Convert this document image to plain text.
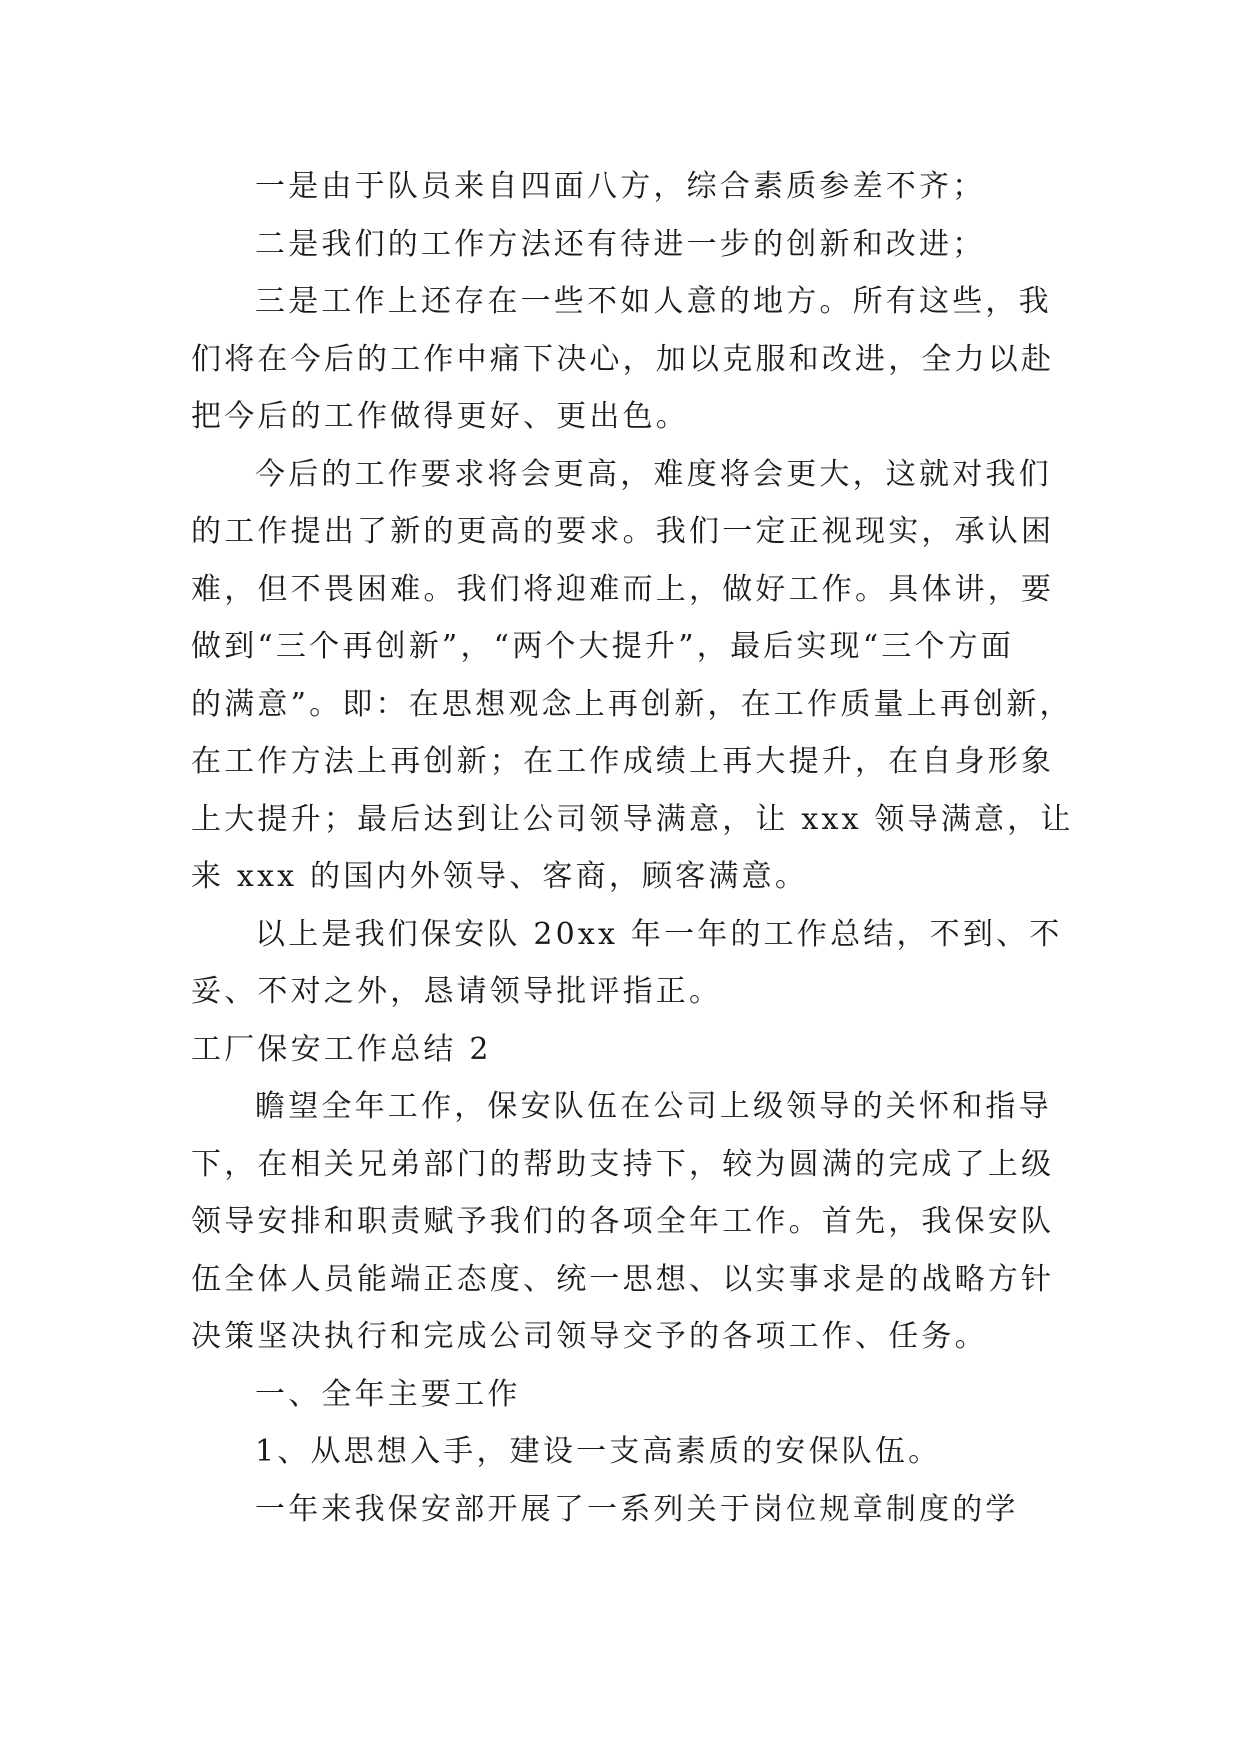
一是由于队员来自四面八方，综合素质参差不齐；
二是我们的工作方法还有待进一步的创新和改进；
三是工作上还存在一些不如人意的地方。所有这些，我
们将在今后的工作中痛下决心，加以克服和改进，全力以赴
把今后的工作做得更好、更出色。
今后的工作要求将会更高，难度将会更大，这就对我们
的工作提出了新的更高的要求。我们一定正视现实，承认困
难，但不畏困难。我们将迎难而上，做好工作。具体讲，要
做到“三个再创新”，“两个大提升”，最后实现“三个方面
的满意”。即：在思想观念上再创新，在工作质量上再创新，
在工作方法上再创新；在工作成绩上再大提升，在自身形象
上大提升；最后达到让公司领导满意，让 xxx 领导满意，让
来 xxx 的国内外领导、客商，顾客满意。
以上是我们保安队 20xx 年一年的工作总结，不到、不
妥、不对之外，恳请领导批评指正。
工厂保安工作总结 2
瞻望全年工作，保安队伍在公司上级领导的关怀和指导
下，在相关兄弟部门的帮助支持下，较为圆满的完成了上级
领导安排和职责赋予我们的各项全年工作。首先，我保安队
伍全体人员能端正态度、统一思想、以实事求是的战略方针
决策坚决执行和完成公司领导交予的各项工作、任务。
一、全年主要工作
1、从思想入手，建设一支高素质的安保队伍。
一年来我保安部开展了一系列关于岗位规章制度的学
